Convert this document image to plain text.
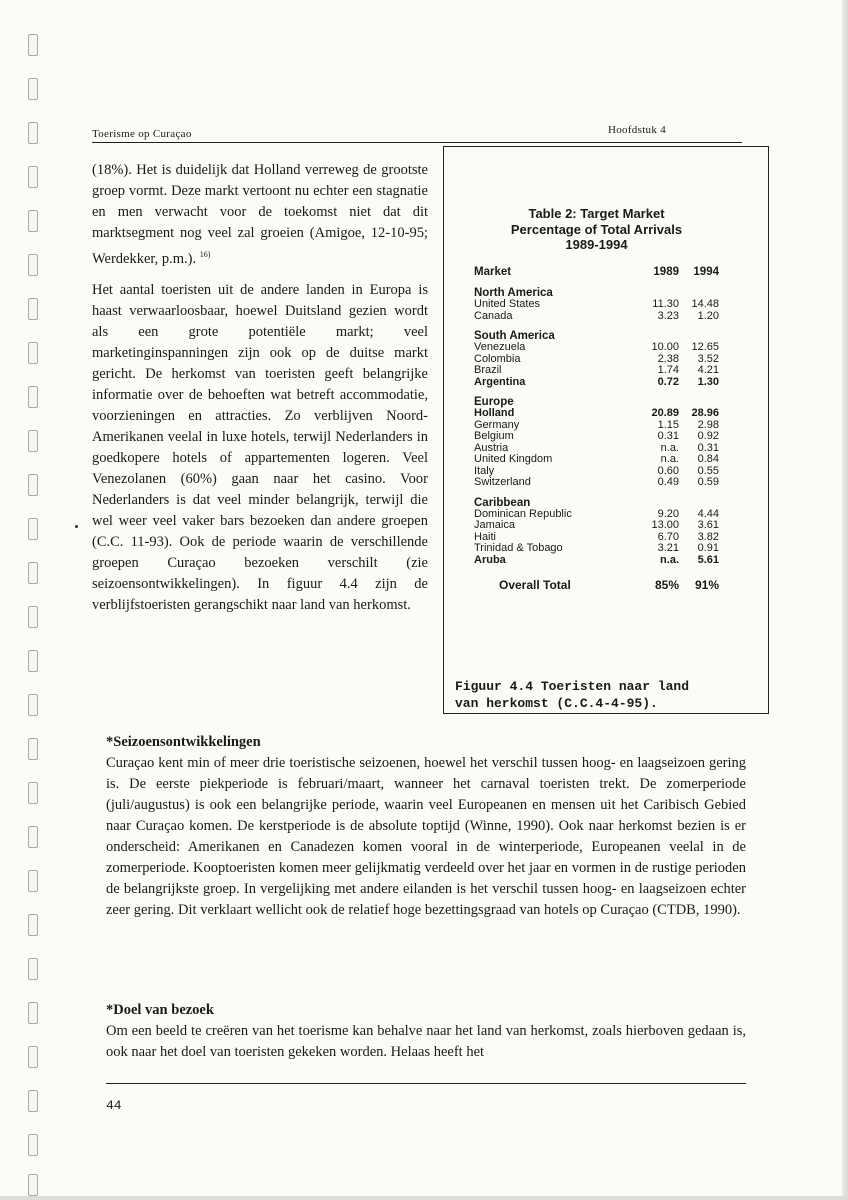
Toerisme op Curaçao	Hoofdstuk 4

(18%). Het is duidelijk dat Holland verreweg de grootste groep vormt. Deze markt vertoont nu echter een stagnatie en men verwacht voor de toekomst niet dat dit marktsegment nog veel zal groeien (Amigoe, 12-10-95; Werdekker, p.m.). $^{16)}$

Het aantal toeristen uit de andere landen in Europa is haast verwaarloosbaar, hoewel Duitsland gezien wordt als een grote potentiële markt; veel marketinginspanningen zijn ook op de duitse markt gericht. De herkomst van toeristen geeft belangrijke informatie over de behoeften wat betreft accommodatie, voorzieningen en attracties. Zo verblijven Noord-Amerikanen veelal in luxe hotels, terwijl Nederlanders in goedkopere hotels of appartementen logeren. Veel Venezolanen (60%) gaan naar het casino. Voor Nederlanders is dat veel minder belangrijk, terwijl die wel weer veel vaker bars bezoeken dan andere groepen (C.C. 11-93). Ook de periode waarin de verschillende groepen Curaçao bezoeken verschilt (zie seizoensontwikkelingen). In figuur 4.4 zijn de verblijfstoeristen gerangschikt naar land van herkomst.

Table 2: Target Market
Percentage of Total Arrivals
1989-1994
Market	1989	1994
North America
United States	11.30	14.48
Canada	3.23	1.20
South America
Venezuela	10.00	12.65
Colombia	2.38	3.52
Brazil	1.74	4.21
Argentina	0.72	1.30
Europe
Holland	20.89	28.96
Germany	1.15	2.98
Belgium	0.31	0.92
Austria	n.a.	0.31
United Kingdom	n.a.	0.84
Italy	0.60	0.55
Switzerland	0.49	0.59
Caribbean
Dominican Republic	9.20	4.44
Jamaica	13.00	3.61
Haiti	6.70	3.82
Trinidad & Tobago	3.21	0.91
Aruba	n.a.	5.61
Overall Total	85%	91%
Figuur 4.4 Toeristen naar land
van herkomst (C.C.4-4-95).
*Seizoensontwikkelingen

Curaçao kent min of meer drie toeristische seizoenen, hoewel het verschil tussen hoog- en laagseizoen gering is. De eerste piekperiode is februari/maart, wanneer het carnaval toeristen trekt. De zomerperiode (juli/augustus) is ook een belangrijke periode, waarin veel Europeanen en mensen uit het Caribisch Gebied naar Curaçao komen. De kerstperiode is de absolute toptijd (Winne, 1990). Ook naar herkomst bezien is er onderscheid: Amerikanen en Canadezen komen vooral in de winterperiode, Europeanen veelal in de zomerperiode. Kooptoeristen komen meer gelijkmatig verdeeld over het jaar en vormen in de rustige perioden de belangrijkste groep. In vergelijking met andere eilanden is het verschil tussen hoog- en laagseizoen echter zeer gering. Dit verklaart wellicht ook de relatief hoge bezettingsgraad van hotels op Curaçao (CTDB, 1990).

*Doel van bezoek

Om een beeld te creëren van het toerisme kan behalve naar het land van herkomst, zoals hierboven gedaan is, ook naar het doel van toeristen gekeken worden. Helaas heeft het

44
